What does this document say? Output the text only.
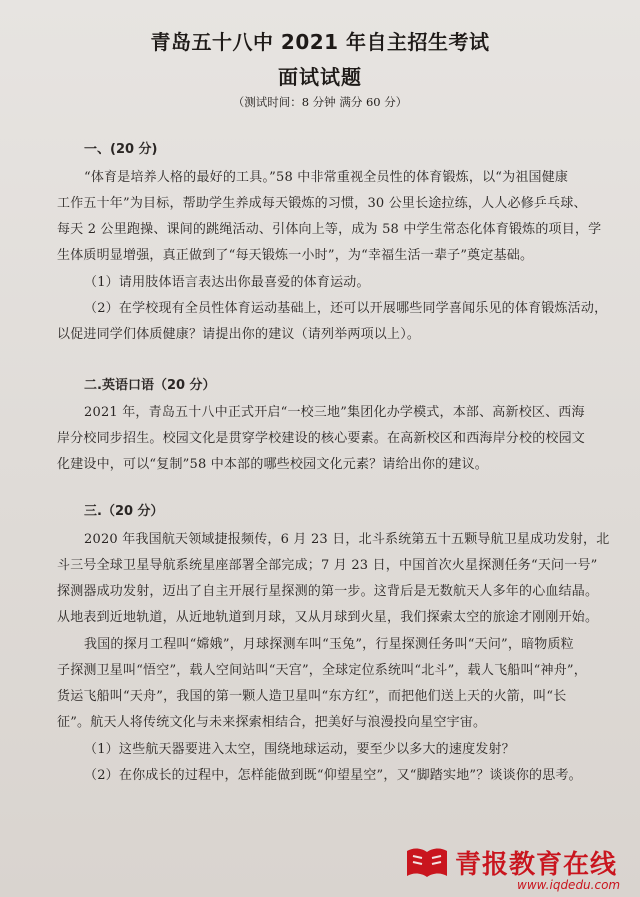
青岛五十八中 2021 年自主招生考试
面试试题
（测试时间：8 分钟 满分 60 分）
一、(20 分)
“体育是培养人格的最好的工具。”58 中非常重视全员性的体育锻炼，以“为祖国健康
工作五十年”为目标，帮助学生养成每天锻炼的习惯，30 公里长途拉练，人人必修乒乓球、
每天 2 公里跑操、课间的跳绳活动、引体向上等，成为 58 中学生常态化体育锻炼的项目，学
生体质明显增强，真正做到了“每天锻炼一小时”，为“幸福生活一辈子”奠定基础。
（1）请用肢体语言表达出你最喜爱的体育运动。
（2）在学校现有全员性体育运动基础上，还可以开展哪些同学喜闻乐见的体育锻炼活动，
以促进同学们体质健康？请提出你的建议（请列举两项以上）。
二.英语口语（20 分）
2021 年，青岛五十八中正式开启“一校三地”集团化办学模式，本部、高新校区、西海
岸分校同步招生。校园文化是贯穿学校建设的核心要素。在高新校区和西海岸分校的校园文
化建设中，可以“复制”58 中本部的哪些校园文化元素？请给出你的建议。
三.（20 分）
2020 年我国航天领域捷报频传，6 月 23 日，北斗系统第五十五颗导航卫星成功发射，北
斗三号全球卫星导航系统星座部署全部完成；7 月 23 日，中国首次火星探测任务“天问一号”
探测器成功发射，迈出了自主开展行星探测的第一步。这背后是无数航天人多年的心血结晶。
从地表到近地轨道，从近地轨道到月球，又从月球到火星，我们探索太空的旅途才刚刚开始。
我国的探月工程叫“嫦娥”，月球探测车叫“玉兔”，行星探测任务叫“天问”，暗物质粒
子探测卫星叫“悟空”，载人空间站叫“天宫”，全球定位系统叫“北斗”，载人飞船叫“神舟”，
货运飞船叫“天舟”，我国的第一颗人造卫星叫“东方红”，而把他们送上天的火箭，叫“长
征”。航天人将传统文化与未来探索相结合，把美好与浪漫投向星空宇宙。
（1）这些航天器要进入太空，围绕地球运动，要至少以多大的速度发射？
（2）在你成长的过程中，怎样能做到既“仰望星空”，又“脚踏实地”？谈谈你的思考。
青报教育在线
www.iqdedu.com
